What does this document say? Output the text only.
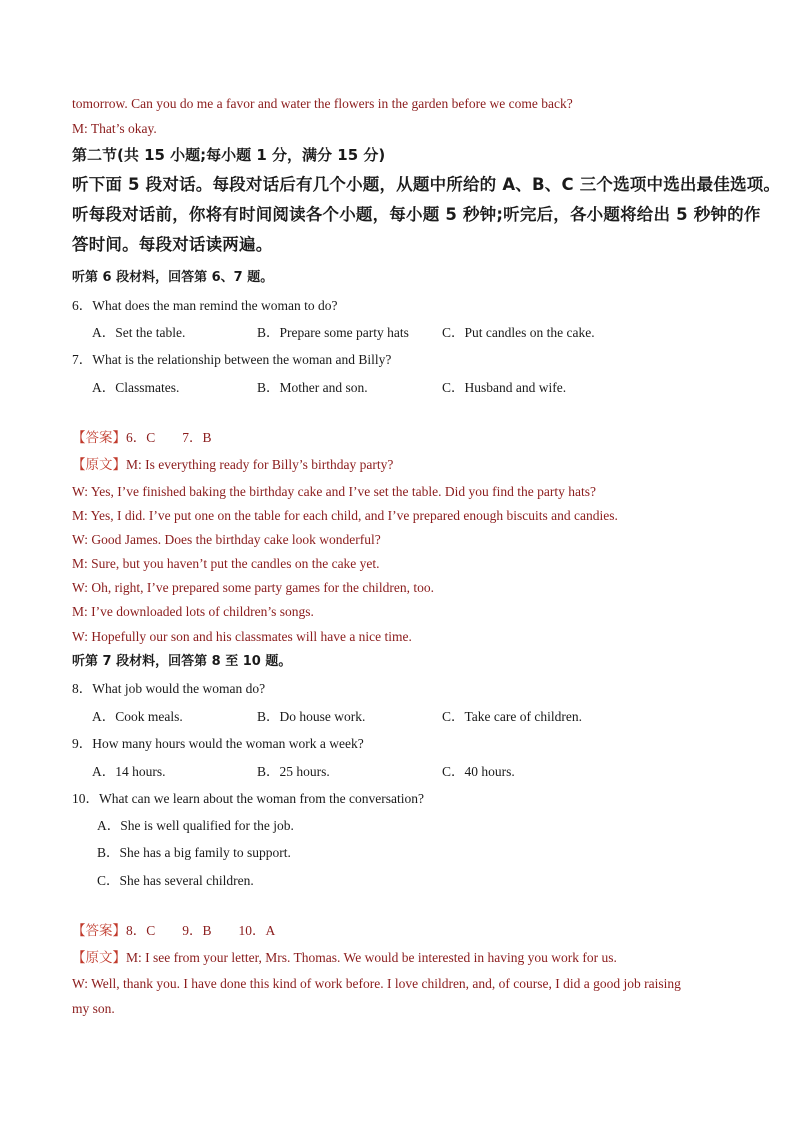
tomorrow. Can you do me a favor and water the flowers in the garden before we come back?
M: That’s okay.
第二节(共 15 小题;每小题 1 分，满分 15 分)
听下面 5 段对话。每段对话后有几个小题，从题中所给的 A、B、C 三个选项中选出最佳选项。
听每段对话前，你将有时间阅读各个小题，每小题 5 秒钟;听完后，各小题将给出 5 秒钟的作
答时间。每段对话读两遍。
听第 6 段材料，回答第 6、7 题。
6．What does the man remind the woman to do?
A．Set the table.	B．Prepare some party hats C．Put candles on the cake.
7．What is the relationship between the woman and Billy?
A．Classmates.	B．Mother and son.	C．Husband and wife.
【答案】6．C　　7．B
【原文】M: Is everything ready for Billy’s birthday party?
W: Yes, I’ve finished baking the birthday cake and I’ve set the table. Did you find the party hats?
M: Yes, I did. I’ve put one on the table for each child, and I’ve prepared enough biscuits and candies.
W: Good James. Does the birthday cake look wonderful?
M: Sure, but you haven’t put the candles on the cake yet.
W: Oh, right, I’ve prepared some party games for the children, too.
M: I’ve downloaded lots of children’s songs.
W: Hopefully our son and his classmates will have a nice time.
听第 7 段材料，回答第 8 至 10 题。
8．What job would the woman do?
A．Cook meals.	B．Do house work.	C．Take care of children.
9．How many hours would the woman work a week?
A．14 hours.	B．25 hours.	C．40 hours.
10．What can we learn about the woman from the conversation?
A．She is well qualified for the job.
B．She has a big family to support.
C．She has several children.
【答案】8．C　　9．B　　10．A
【原文】M: I see from your letter, Mrs. Thomas. We would be interested in having you work for us.
W: Well, thank you. I have done this kind of work before. I love children, and, of course, I did a good job raising
my son.
